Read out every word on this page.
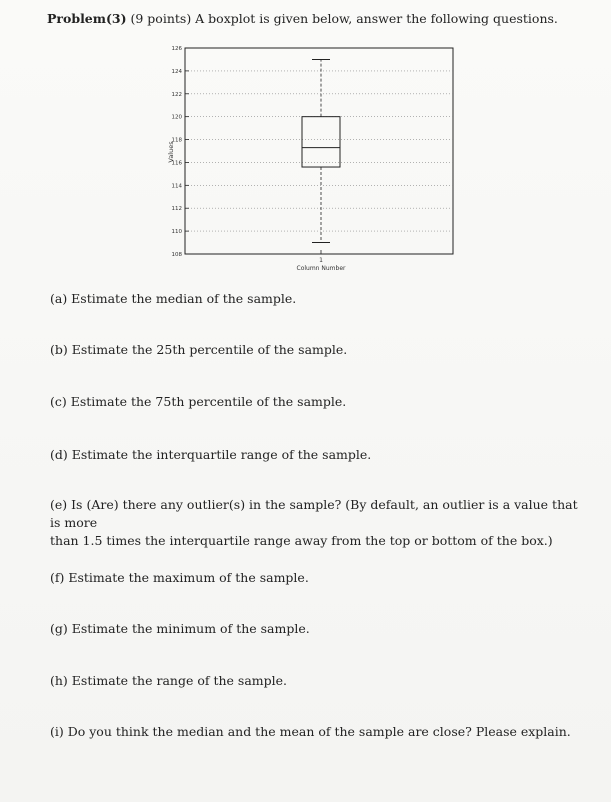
Problem(3) (9 points) A boxplot is given below, answer the following questions.
110
112
114
116
118
120
122
124
126
108
Values
1
Column Number
(a) Estimate the median of the sample.
(b) Estimate the 25th percentile of the sample.
(c) Estimate the 75th percentile of the sample.
(d) Estimate the interquartile range of the sample.
(e) Is (Are) there any outlier(s) in the sample? (By default, an outlier is a value that is more
than 1.5 times the interquartile range away from the top or bottom of the box.)
(f) Estimate the maximum of the sample.
(g) Estimate the minimum of the sample.
(h) Estimate the range of the sample.
(i) Do you think the median and the mean of the sample are close? Please explain.
